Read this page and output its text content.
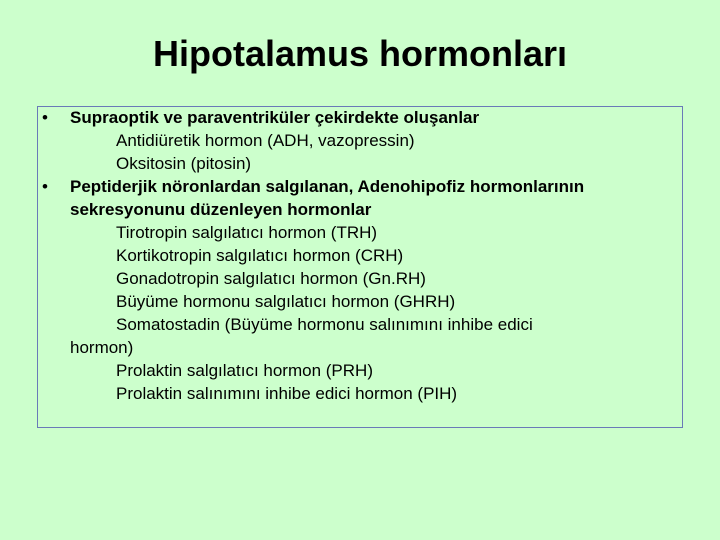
Hipotalamus hormonları
• Supraoptik ve paraventriküler çekirdekte oluşanlar
Antidiüretik hormon (ADH, vazopressin)
Oksitosin (pitosin)
• Peptiderjik nöronlardan salgılanan, Adenohipofiz hormonlarının
sekresyonunu düzenleyen hormonlar
Tirotropin salgılatıcı hormon (TRH)
Kortikotropin salgılatıcı hormon (CRH)
Gonadotropin salgılatıcı hormon (Gn.RH)
Büyüme hormonu salgılatıcı hormon (GHRH)
Somatostadin (Büyüme hormonu salınımını inhibe edici
hormon)
Prolaktin salgılatıcı hormon (PRH)
Prolaktin salınımını inhibe edici hormon (PIH)
